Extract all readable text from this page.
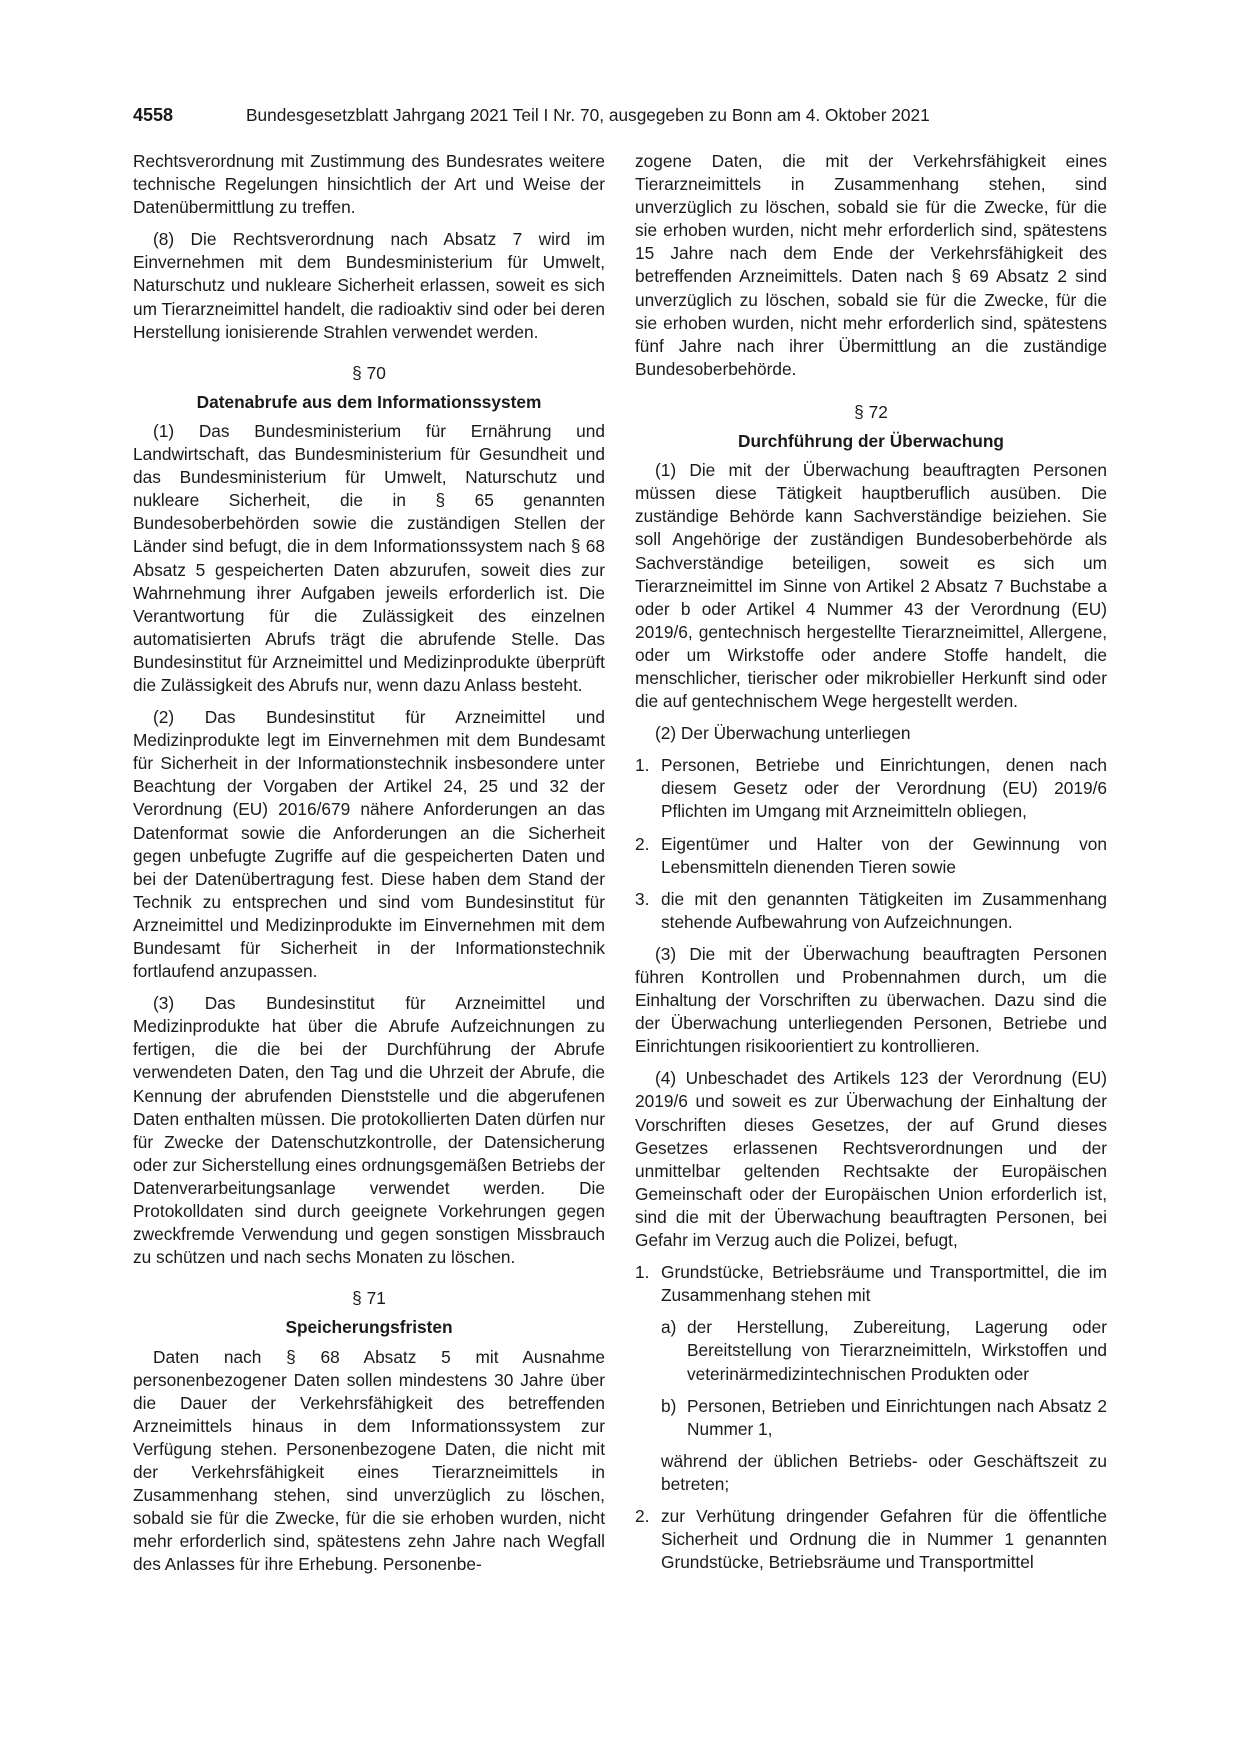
4558	Bundesgesetzblatt Jahrgang 2021 Teil I Nr. 70, ausgegeben zu Bonn am 4. Oktober 2021

Rechtsverordnung mit Zustimmung des Bundesrates weitere technische Regelungen hinsichtlich der Art und Weise der Datenübermittlung zu treffen.

(8) Die Rechtsverordnung nach Absatz 7 wird im Einvernehmen mit dem Bundesministerium für Umwelt, Naturschutz und nukleare Sicherheit erlassen, soweit es sich um Tierarzneimittel handelt, die radioaktiv sind oder bei deren Herstellung ionisierende Strahlen verwendet werden.

§ 70
Datenabrufe aus dem Informationssystem

(1) Das Bundesministerium für Ernährung und Landwirtschaft, das Bundesministerium für Gesundheit und das Bundesministerium für Umwelt, Naturschutz und nukleare Sicherheit, die in § 65 genannten Bundesoberbehörden sowie die zuständigen Stellen der Länder sind befugt, die in dem Informationssystem nach § 68 Absatz 5 gespeicherten Daten abzurufen, soweit dies zur Wahrnehmung ihrer Aufgaben jeweils erforderlich ist. Die Verantwortung für die Zulässigkeit des einzelnen automatisierten Abrufs trägt die abrufende Stelle. Das Bundesinstitut für Arzneimittel und Medizinprodukte überprüft die Zulässigkeit des Abrufs nur, wenn dazu Anlass besteht.

(2) Das Bundesinstitut für Arzneimittel und Medizinprodukte legt im Einvernehmen mit dem Bundesamt für Sicherheit in der Informationstechnik insbesondere unter Beachtung der Vorgaben der Artikel 24, 25 und 32 der Verordnung (EU) 2016/679 nähere Anforderungen an das Datenformat sowie die Anforderungen an die Sicherheit gegen unbefugte Zugriffe auf die gespeicherten Daten und bei der Datenübertragung fest. Diese haben dem Stand der Technik zu entsprechen und sind vom Bundesinstitut für Arzneimittel und Medizinprodukte im Einvernehmen mit dem Bundesamt für Sicherheit in der Informationstechnik fortlaufend anzupassen.

(3) Das Bundesinstitut für Arzneimittel und Medizinprodukte hat über die Abrufe Aufzeichnungen zu fertigen, die die bei der Durchführung der Abrufe verwendeten Daten, den Tag und die Uhrzeit der Abrufe, die Kennung der abrufenden Dienststelle und die abgerufenen Daten enthalten müssen. Die protokollierten Daten dürfen nur für Zwecke der Datenschutzkontrolle, der Datensicherung oder zur Sicherstellung eines ordnungsgemäßen Betriebs der Datenverarbeitungsanlage verwendet werden. Die Protokolldaten sind durch geeignete Vorkehrungen gegen zweckfremde Verwendung und gegen sonstigen Missbrauch zu schützen und nach sechs Monaten zu löschen.

§ 71
Speicherungsfristen

Daten nach § 68 Absatz 5 mit Ausnahme personenbezogener Daten sollen mindestens 30 Jahre über die Dauer der Verkehrsfähigkeit des betreffenden Arzneimittels hinaus in dem Informationssystem zur Verfügung stehen. Personenbezogene Daten, die nicht mit der Verkehrsfähigkeit eines Tierarzneimittels in Zusammenhang stehen, sind unverzüglich zu löschen, sobald sie für die Zwecke, für die sie erhoben wurden, nicht mehr erforderlich sind, spätestens zehn Jahre nach Wegfall des Anlasses für ihre Erhebung. Personenbe-

zogene Daten, die mit der Verkehrsfähigkeit eines Tierarzneimittels in Zusammenhang stehen, sind unverzüglich zu löschen, sobald sie für die Zwecke, für die sie erhoben wurden, nicht mehr erforderlich sind, spätestens 15 Jahre nach dem Ende der Verkehrsfähigkeit des betreffenden Arzneimittels. Daten nach § 69 Absatz 2 sind unverzüglich zu löschen, sobald sie für die Zwecke, für die sie erhoben wurden, nicht mehr erforderlich sind, spätestens fünf Jahre nach ihrer Übermittlung an die zuständige Bundesoberbehörde.

§ 72
Durchführung der Überwachung

(1) Die mit der Überwachung beauftragten Personen müssen diese Tätigkeit hauptberuflich ausüben. Die zuständige Behörde kann Sachverständige beiziehen. Sie soll Angehörige der zuständigen Bundesoberbehörde als Sachverständige beteiligen, soweit es sich um Tierarzneimittel im Sinne von Artikel 2 Absatz 7 Buchstabe a oder b oder Artikel 4 Nummer 43 der Verordnung (EU) 2019/6, gentechnisch hergestellte Tierarzneimittel, Allergene, oder um Wirkstoffe oder andere Stoffe handelt, die menschlicher, tierischer oder mikrobieller Herkunft sind oder die auf gentechnischem Wege hergestellt werden.

(2) Der Überwachung unterliegen

1. Personen, Betriebe und Einrichtungen, denen nach diesem Gesetz oder der Verordnung (EU) 2019/6 Pflichten im Umgang mit Arzneimitteln obliegen,
2. Eigentümer und Halter von der Gewinnung von Lebensmitteln dienenden Tieren sowie
3. die mit den genannten Tätigkeiten im Zusammenhang stehende Aufbewahrung von Aufzeichnungen.

(3) Die mit der Überwachung beauftragten Personen führen Kontrollen und Probennahmen durch, um die Einhaltung der Vorschriften zu überwachen. Dazu sind die der Überwachung unterliegenden Personen, Betriebe und Einrichtungen risikoorientiert zu kontrollieren.

(4) Unbeschadet des Artikels 123 der Verordnung (EU) 2019/6 und soweit es zur Überwachung der Einhaltung der Vorschriften dieses Gesetzes, der auf Grund dieses Gesetzes erlassenen Rechtsverordnungen und der unmittelbar geltenden Rechtsakte der Europäischen Gemeinschaft oder der Europäischen Union erforderlich ist, sind die mit der Überwachung beauftragten Personen, bei Gefahr im Verzug auch die Polizei, befugt,

1. Grundstücke, Betriebsräume und Transportmittel, die im Zusammenhang stehen mit
a) der Herstellung, Zubereitung, Lagerung oder Bereitstellung von Tierarzneimitteln, Wirkstoffen und veterinärmedizintechnischen Produkten oder
b) Personen, Betrieben und Einrichtungen nach Absatz 2 Nummer 1,
während der üblichen Betriebs- oder Geschäftszeit zu betreten;
2. zur Verhütung dringender Gefahren für die öffentliche Sicherheit und Ordnung die in Nummer 1 genannten Grundstücke, Betriebsräume und Transportmittel
